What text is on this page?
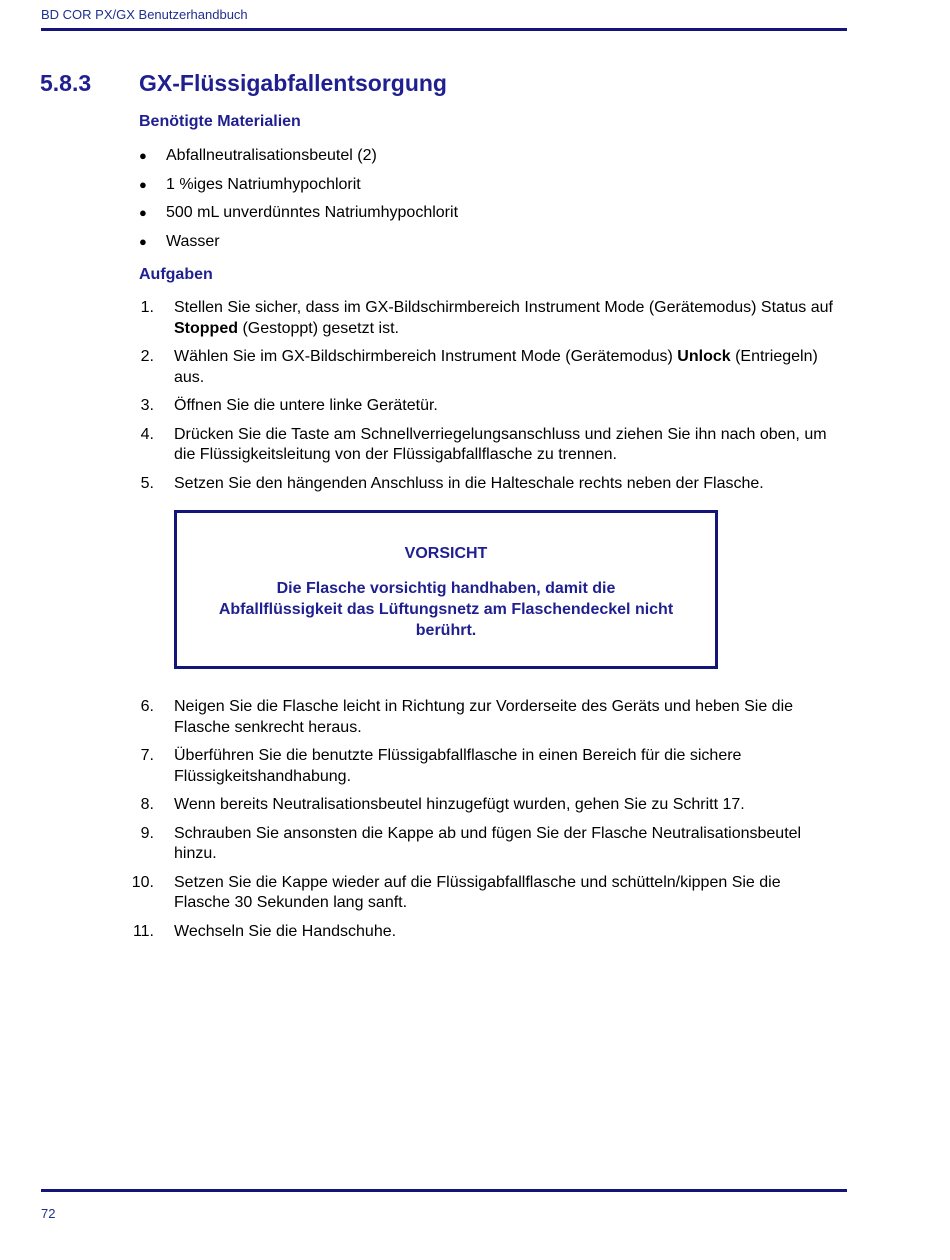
BD COR PX/GX Benutzerhandbuch
5.8.3 GX-Flüssigabfallentsorgung
Benötigte Materialien
● Abfallneutralisationsbeutel (2)
● 1 %iges Natriumhypochlorit
● 500 mL unverdünntes Natriumhypochlorit
● Wasser
Aufgaben
1. Stellen Sie sicher, dass im GX-Bildschirmbereich Instrument Mode (Gerätemodus) Status auf Stopped (Gestoppt) gesetzt ist.
2. Wählen Sie im GX-Bildschirmbereich Instrument Mode (Gerätemodus) Unlock (Entriegeln) aus.
3. Öffnen Sie die untere linke Gerätetür.
4. Drücken Sie die Taste am Schnellverriegelungsanschluss und ziehen Sie ihn nach oben, um die Flüssigkeitsleitung von der Flüssigabfallflasche zu trennen.
5. Setzen Sie den hängenden Anschluss in die Halteschale rechts neben der Flasche.
VORSICHT
Die Flasche vorsichtig handhaben, damit die Abfallflüssigkeit das Lüftungsnetz am Flaschendeckel nicht berührt.
6. Neigen Sie die Flasche leicht in Richtung zur Vorderseite des Geräts und heben Sie die Flasche senkrecht heraus.
7. Überführen Sie die benutzte Flüssigabfallflasche in einen Bereich für die sichere Flüssigkeitshandhabung.
8. Wenn bereits Neutralisationsbeutel hinzugefügt wurden, gehen Sie zu Schritt 17.
9. Schrauben Sie ansonsten die Kappe ab und fügen Sie der Flasche Neutralisationsbeutel hinzu.
10. Setzen Sie die Kappe wieder auf die Flüssigabfallflasche und schütteln/kippen Sie die Flasche 30 Sekunden lang sanft.
11. Wechseln Sie die Handschuhe.
72
